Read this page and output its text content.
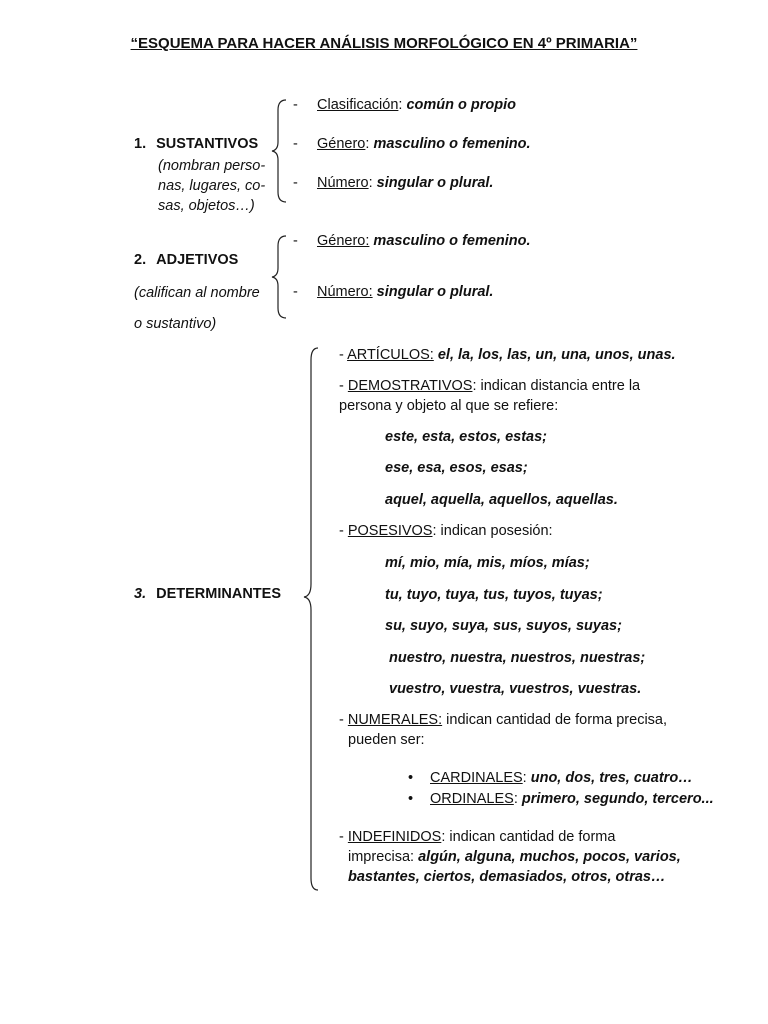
“ESQUEMA PARA HACER ANÁLISIS MORFOLÓGICO EN 4º PRIMARIA”
1. SUSTANTIVOS
(nombran perso-
nas, lugares, co-
sas, objetos…)
- Clasificación: común o propio
- Género: masculino o femenino.
- Número: singular o plural.
2. ADJETIVOS
(califican al nombre
o sustantivo)
- Género: masculino o femenino.
- Número: singular o plural.
3. DETERMINANTES
- ARTÍCULOS: el, la, los, las, un, una, unos, unas.
- DEMOSTRATIVOS: indican distancia entre la
persona y objeto al que se refiere:
este, esta, estos, estas;
ese, esa, esos, esas;
aquel, aquella, aquellos, aquellas.
- POSESIVOS: indican posesión:
mí, mio, mía, mis, míos, mías;
tu, tuyo, tuya, tus, tuyos, tuyas;
su, suyo, suya, sus, suyos, suyas;
nuestro, nuestra, nuestros, nuestras;
vuestro, vuestra, vuestros, vuestras.
- NUMERALES: indican cantidad de forma precisa,
pueden ser:
• CARDINALES: uno, dos, tres, cuatro…
• ORDINALES: primero, segundo, tercero...
- INDEFINIDOS: indican cantidad de forma
imprecisa: algún, alguna, muchos, pocos, varios,
bastantes, ciertos, demasiados, otros, otras…
